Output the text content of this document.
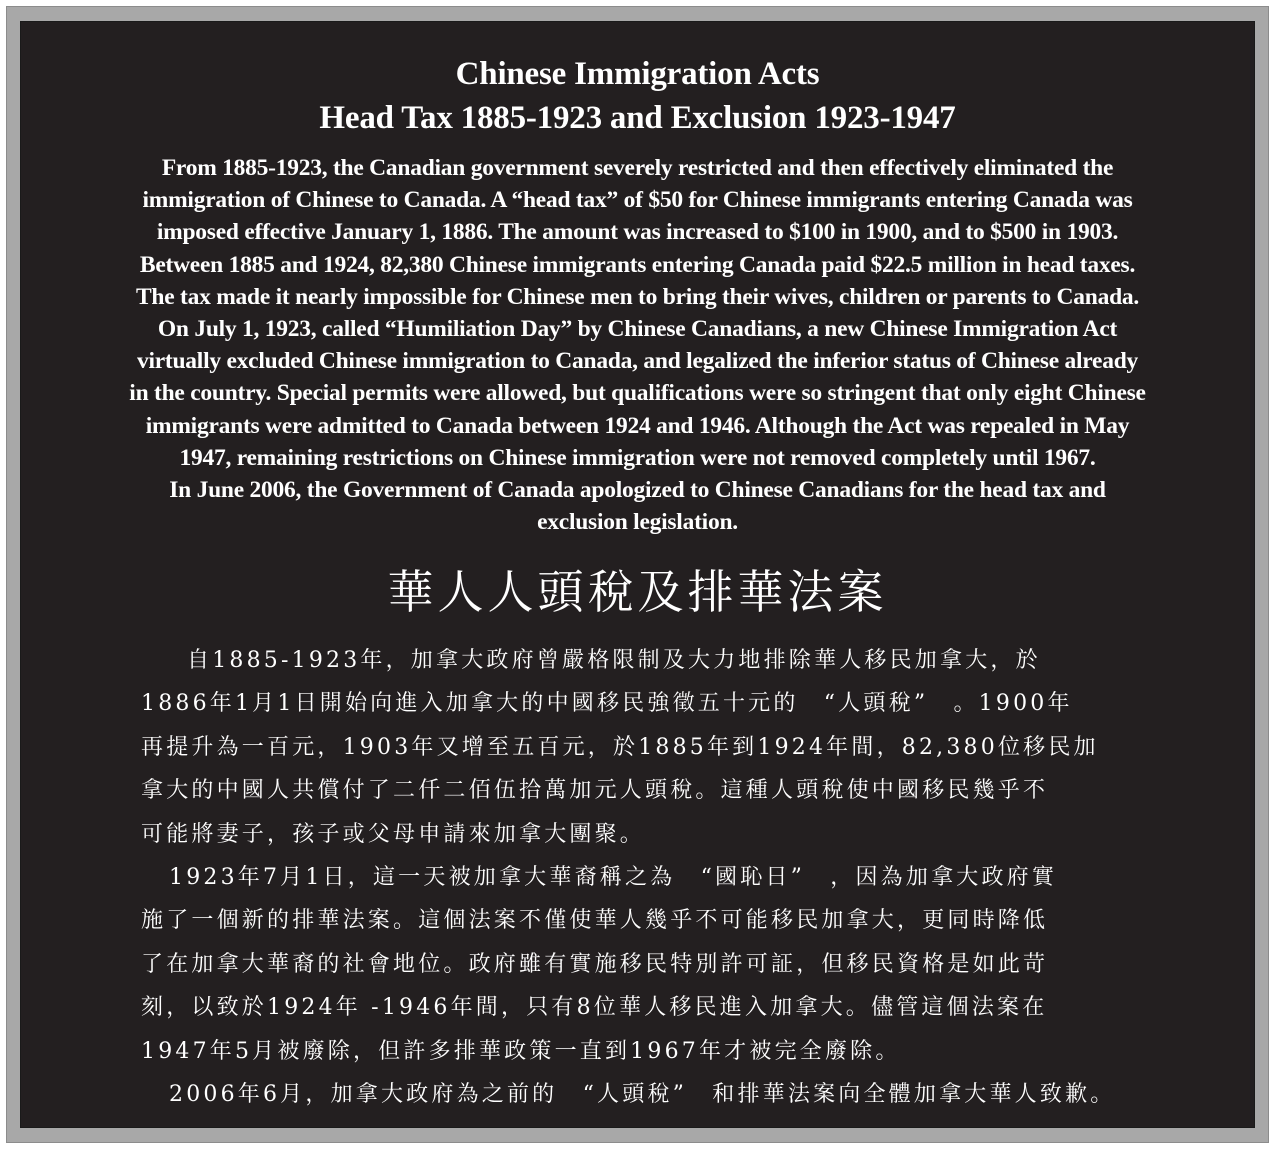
Chinese Immigration Acts
Head Tax 1885-1923 and Exclusion 1923-1947
From 1885-1923, the Canadian government severely restricted and then effectively eliminated the
immigration of Chinese to Canada. A “head tax” of $50 for Chinese immigrants entering Canada was
imposed effective January 1, 1886. The amount was increased to $100 in 1900, and to $500 in 1903.
Between 1885 and 1924, 82,380 Chinese immigrants entering Canada paid $22.5 million in head taxes.
The tax made it nearly impossible for Chinese men to bring their wives, children or parents to Canada.
On July 1, 1923, called “Humiliation Day” by Chinese Canadians, a new Chinese Immigration Act
virtually excluded Chinese immigration to Canada, and legalized the inferior status of Chinese already
in the country. Special permits were allowed, but qualifications were so stringent that only eight Chinese
immigrants were admitted to Canada between 1924 and 1946. Although the Act was repealed in May
1947, remaining restrictions on Chinese immigration were not removed completely until 1967.
In June 2006, the Government of Canada apologized to Chinese Canadians for the head tax and
exclusion legislation.
華人人頭稅及排華法案
自1885-1923年，加拿大政府曾嚴格限制及大力地排除華人移民加拿大，於
1886年1月1日開始向進入加拿大的中國移民強徵五十元的　“人頭稅”　。1900年
再提升為一百元，1903年又增至五百元，於1885年到1924年間，82,380位移民加
拿大的中國人共償付了二仟二佰伍拾萬加元人頭稅。這種人頭稅使中國移民幾乎不
可能將妻子，孩子或父母申請來加拿大團聚。
1923年7月1日，這一天被加拿大華裔稱之為　“國恥日”　，因為加拿大政府實
施了一個新的排華法案。這個法案不僅使華人幾乎不可能移民加拿大，更同時降低
了在加拿大華裔的社會地位。政府雖有實施移民特別許可証，但移民資格是如此苛
刻，以致於1924年 -1946年間，只有8位華人移民進入加拿大。儘管這個法案在
1947年5月被廢除，但許多排華政策一直到1967年才被完全廢除。
2006年6月，加拿大政府為之前的　“人頭稅”　和排華法案向全體加拿大華人致歉。
